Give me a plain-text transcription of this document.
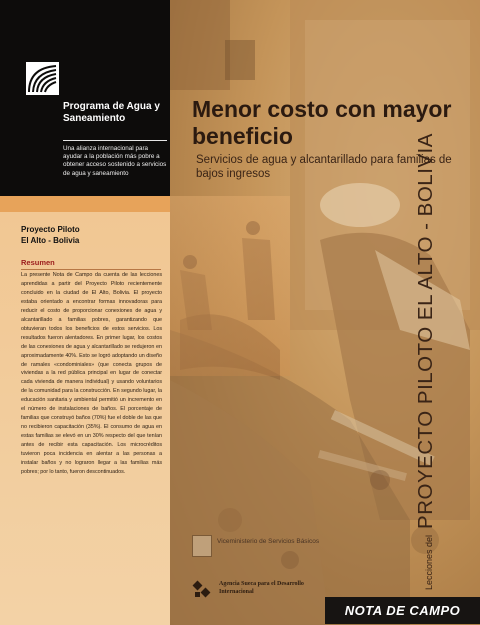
Programa de Agua y Saneamiento
Una alianza internacional para ayudar a la población más pobre a obtener acceso sostenido a servicios de agua y saneamiento
Proyecto Piloto
El Alto - Bolivia
Resumen
La presente Nota de Campo da cuenta de las lecciones aprendidas a partir del Proyecto Piloto recientemente concluido en la ciudad de El Alto, Bolivia. El proyecto estaba orientado a encontrar formas innovadoras para reducir el costo de proporcionar conexiones de agua y alcantarillado a familias pobres, garantizando que obtuvieran todos los beneficios de estos servicios. Los resultados fueron alentadores. En primer lugar, los costos de las conexiones de agua y alcantarillado se redujeron en aproximadamente 40%. Esto se logró adoptando un diseño de ramales «condominiales» (que conecta grupos de viviendas a la red pública principal en lugar de conectar cada vivienda de manera individual) y usando voluntarios de la comunidad para la construcción. En segundo lugar, la educación sanitaria y ambiental permitió un incremento en el número de instalaciones de baños. El porcentaje de familias que construyó baños (70%) fue el doble de las que no recibieron capacitación (35%). El consumo de agua en estas familias se elevó en un 30% respecto del que tenían antes de recibir esta capacitación. Los microcréditos tuvieron poca incidencia en alentar a las personas a instalar baños y no lograron llegar a las familias más pobres; por lo tanto, fueron descontinuados.
Menor costo con mayor beneficio
Servicios de agua y alcantarillado para familias de bajos ingresos
Lecciones delPROYECTO PILOTO EL ALTO - BOLIVIA
Viceministerio de Servicios Básicos
Agencia Sueca para el Desarrollo Internacional
NOTA DE CAMPO
